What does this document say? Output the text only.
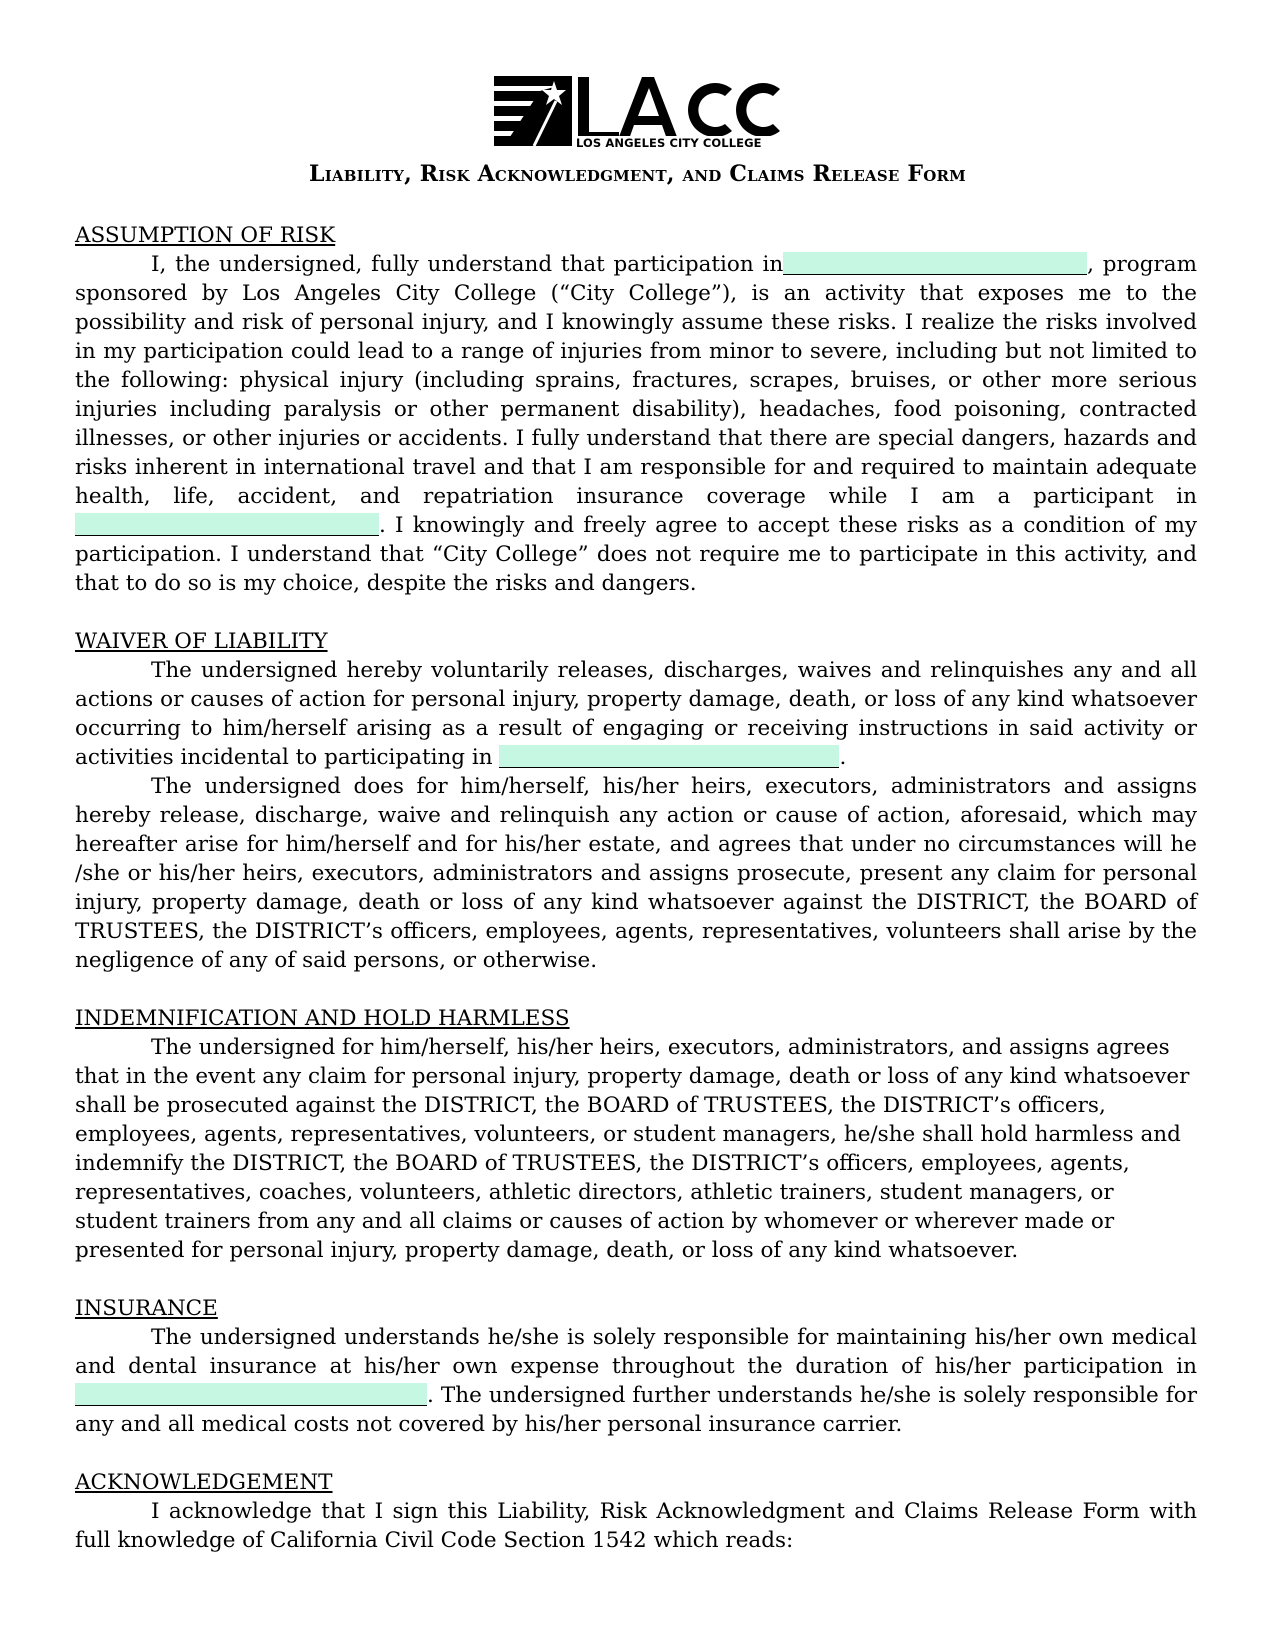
LOS ANGELES CITY COLLEGE
Liability, Risk Acknowledgment, and Claims Release Form
ASSUMPTION OF RISK

I, the undersigned, fully understand that participation in	, program sponsored by Los Angeles City College (“City College”), is an activity that exposes me to the possibility and risk of personal injury, and I knowingly assume these risks. I realize the risks involved in my participation could lead to a range of injuries from minor to severe, including but not limited to the following: physical injury (including sprains, fractures, scrapes, bruises, or other more serious injuries including paralysis or other permanent disability), headaches, food poisoning, contracted illnesses, or other injuries or accidents. I fully understand that there are special dangers, hazards and risks inherent in international travel and that I am responsible for and required to maintain adequate health, life, accident, and repatriation insurance coverage while I am a participant in . I knowingly and freely agree to accept these risks as a condition of my participation. I understand that “City College” does not require me to participate in this activity, and that to do so is my choice, despite the risks and dangers.

WAIVER OF LIABILITY

The undersigned hereby voluntarily releases, discharges, waives and relinquishes any and all actions or causes of action for personal injury, property damage, death, or loss of any kind whatsoever occurring to him/herself arising as a result of engaging or receiving instructions in said activity or activities incidental to participating in	.

The undersigned does for him/herself, his/her heirs, executors, administrators and assigns hereby release, discharge, waive and relinquish any action or cause of action, aforesaid, which may hereafter arise for him/herself and for his/her estate, and agrees that under no circumstances will he /she or his/her heirs, executors, administrators and assigns prosecute, present any claim for personal injury, property damage, death or loss of any kind whatsoever against the DISTRICT, the BOARD of TRUSTEES, the DISTRICT’s officers, employees, agents, representatives, volunteers shall arise by the negligence of any of said persons, or otherwise.

INDEMNIFICATION AND HOLD HARMLESS

The undersigned for him/herself, his/her heirs, executors, administrators, and assigns agrees that in the event any claim for personal injury, property damage, death or loss of any kind whatsoever shall be prosecuted against the DISTRICT, the BOARD of TRUSTEES, the DISTRICT’s officers, employees, agents, representatives, volunteers, or student managers, he/she shall hold harmless and indemnify the DISTRICT, the BOARD of TRUSTEES, the DISTRICT’s officers, employees, agents, representatives, coaches, volunteers, athletic directors, athletic trainers, student managers, or student trainers from any and all claims or causes of action by whomever or wherever made or presented for personal injury, property damage, death, or loss of any kind whatsoever.

INSURANCE

The undersigned understands he/she is solely responsible for maintaining his/her own medical and dental insurance at his/her own expense throughout the duration of his/her participation in . The undersigned further understands he/she is solely responsible for any and all medical costs not covered by his/her personal insurance carrier.

ACKNOWLEDGEMENT

I acknowledge that I sign this Liability, Risk Acknowledgment and Claims Release Form with full knowledge of California Civil Code Section 1542 which reads:
